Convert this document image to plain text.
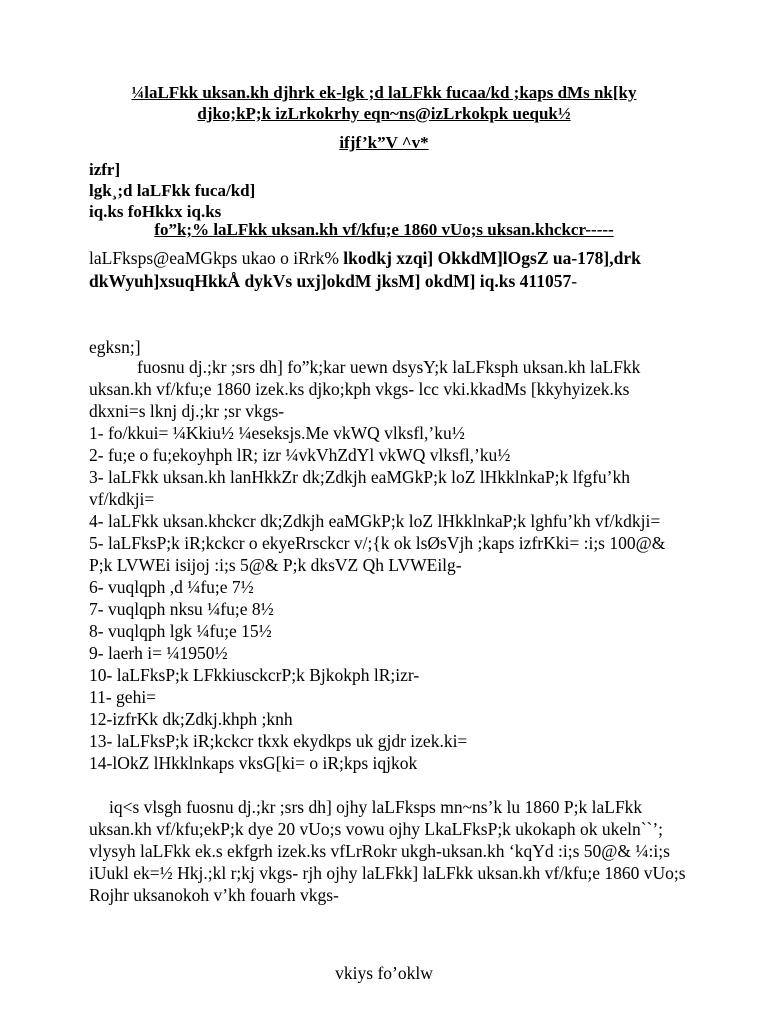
¼laLFkk uksan.kh djhrk ek-lgk ;d laLFkk fucaa/kd ;kaps dMs nk[ky
djko;kP;k izLrkokrhy eqn~ns@izLrkokpk uequk½
ifjf’k”V ^v*
izfr]
lgk¸;d laLFkk fuca/kd]
iq.ks foHkkx iq.ks
fo”k;% laLFkk uksan.kh vf/kfu;e 1860 vUo;s uksan.khckcr-----
laLFksps@eaMGkps ukao o iRrk% lkodkj xzqi] OkkdM]lOgsZ ua-178],drk dkWyuh]xsuqHkkÅ dykVs uxj]okdM jksM] okdM] iq.ks 411057-
egksn;]
fuosnu dj.;kr ;srs dh] fo”k;kar uewn dsysY;k laLFksph uksan.kh laLFkk uksan.kh vf/kfu;e 1860 izek.ks djko;kph vkgs- lcc vki.kkadMs [kkyhyizek.ks dkxni=s lknj dj.;kr ;sr vkgs-
1- fo/kkui= ¼Kkiu½ ¼eseksjs.Me vkWQ vlksfl,’ku½
2- fu;e o fu;ekoyhph lR; izr ¼vkVhZdYl vkWQ vlksfl,’ku½
3- laLFkk uksan.kh lanHkkZr dk;Zdkjh eaMGkP;k loZ lHkklnkaP;k lfgfu’kh vf/kdkji=
4- laLFkk uksan.khckcr dk;Zdkjh eaMGkP;k loZ lHkklnkaP;k lghfu’kh vf/kdkji=
5- laLFksP;k iR;kckcr o ekyeRrsckcr v/;{k ok lsØsVjh ;kaps izfrKki= :i;s 100@& P;k LVWEi isijoj :i;s 5@& P;k dksVZ Qh LVWEilg-
6- vuqlqph ,d ¼fu;e 7½
7- vuqlqph nksu ¼fu;e 8½
8- vuqlqph lgk ¼fu;e 15½
9- laerh i= ¼1950½
10- laLFksP;k LFkkiusckcrP;k Bjkokph lR;izr-
11- gehi=
12-izfrKk dk;Zdkj.khph ;knh
13- laLFksP;k iR;kckcr tkxk ekydkps uk gjdr izek.ki=
14-lOkZ lHkklnkaps vksG[ki= o iR;kps iqjkok
iq<s vlsgh fuosnu dj.;kr ;srs dh] ojhy laLFksps mn~ns’k lu 1860 P;k laLFkk uksan.kh vf/kfu;ekP;k dye 20 vUo;s vowu ojhy LkaLFksP;k ukokaph ok ukeln``’; vlysyh laLFkk ek.s ekfgrh izek.ks vfLrRokr ukgh-uksan.kh ‘kqYd :i;s 50@& ¼:i;s iUukl ek=½ Hkj.;kl r;kj vkgs- rjh ojhy laLFkk] laLFkk uksan.kh vf/kfu;e 1860 vUo;s Rojhr uksanokoh v’kh fouarh vkgs-
vkiys fo’oklw
